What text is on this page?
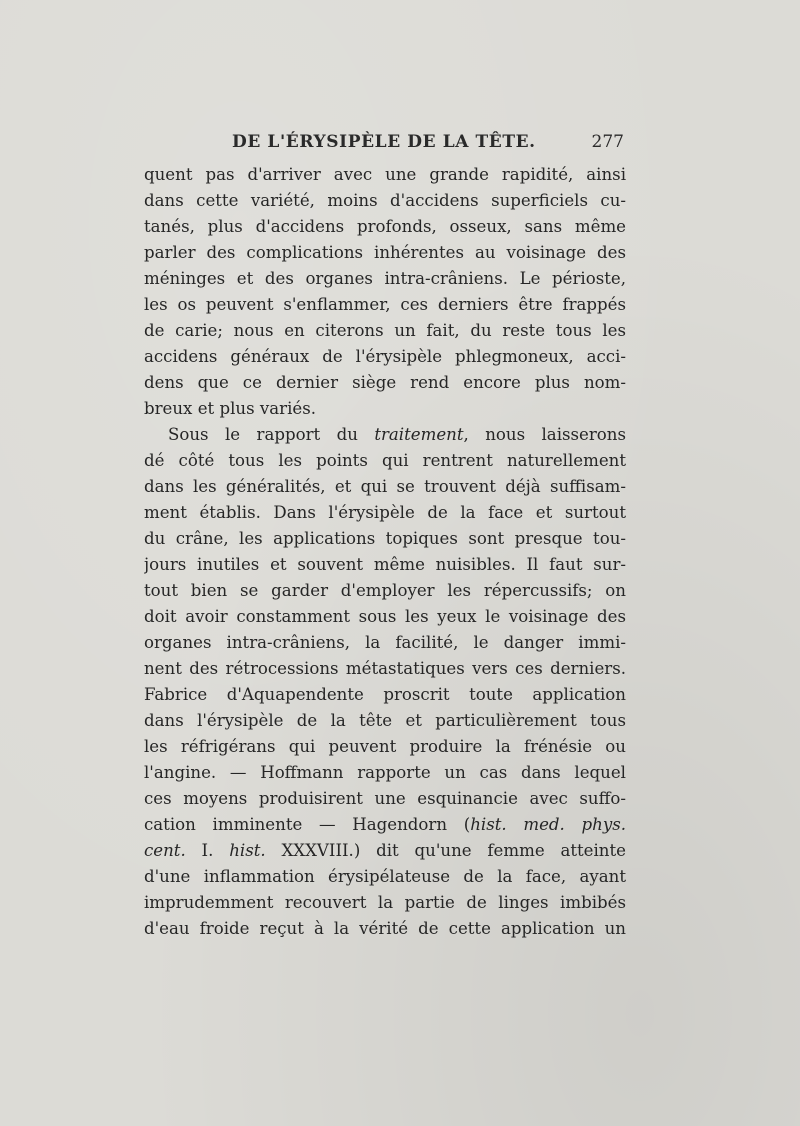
DE L'ÉRYSIPÈLE DE LA TÊTE.	277
quent pas d'arriver avec une grande rapidité, ainsi
dans cette variété, moins d'accidens superficiels cu-
tanés, plus d'accidens profonds, osseux, sans même
parler des complications inhérentes au voisinage des
méninges et des organes intra-crâniens. Le périoste,
les os peuvent s'enflammer, ces derniers être frappés
de carie; nous en citerons un fait, du reste tous les
accidens généraux de l'érysipèle phlegmoneux, acci-
dens que ce dernier siège rend encore plus nom-
breux et plus variés.
Sous le rapport du traitement, nous laisserons
dé côté tous les points qui rentrent naturellement
dans les généralités, et qui se trouvent déjà suffisam-
ment établis. Dans l'érysipèle de la face et surtout
du crâne, les applications topiques sont presque tou-
jours inutiles et souvent même nuisibles. Il faut sur-
tout bien se garder d'employer les répercussifs; on
doit avoir constamment sous les yeux le voisinage des
organes intra-crâniens, la facilité, le danger immi-
nent des rétrocessions métastatiques vers ces derniers.
Fabrice d'Aquapendente proscrit toute application
dans l'érysipèle de la tête et particulièrement tous
les réfrigérans qui peuvent produire la frénésie ou
l'angine. — Hoffmann rapporte un cas dans lequel
ces moyens produisirent une esquinancie avec suffo-
cation imminente — Hagendorn (hist. med. phys.
cent. I. hist. XXXVIII.) dit qu'une femme atteinte
d'une inflammation érysipélateuse de la face, ayant
imprudemment recouvert la partie de linges imbibés
d'eau froide reçut à la vérité de cette application un
